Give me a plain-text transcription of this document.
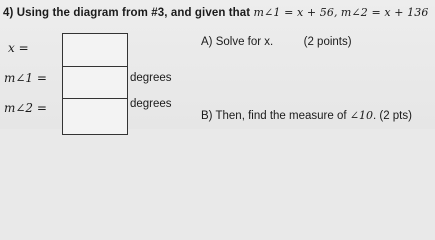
4) Using the diagram from #3, and given that m∠1 = x + 56, m∠2 = x + 136
x =
m∠1 =
m∠2 =
degrees
degrees
A) Solve for x.	(2 points)
B) Then, find the measure of ∠10. (2 pts)
